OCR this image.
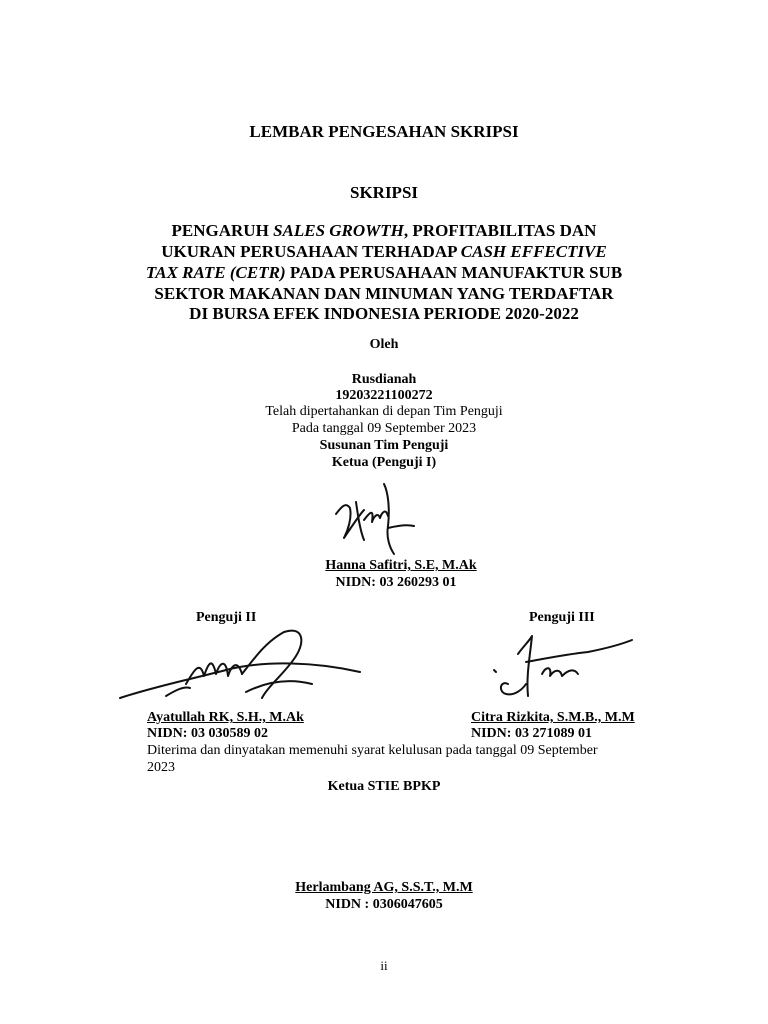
LEMBAR PENGESAHAN SKRIPSI
SKRIPSI
PENGARUH SALES GROWTH, PROFITABILITAS DAN
UKURAN PERUSAHAAN TERHADAP CASH EFFECTIVE
TAX RATE (CETR) PADA PERUSAHAAN MANUFAKTUR SUB
SEKTOR MAKANAN DAN MINUMAN YANG TERDAFTAR
DI BURSA EFEK INDONESIA PERIODE 2020-2022
Oleh
Rusdianah
19203221100272
Telah dipertahankan di depan Tim Penguji
Pada tanggal 09 September 2023
Susunan Tim Penguji
Ketua (Penguji I)
Hanna Safitri, S.E, M.Ak
NIDN: 03 260293 01
Penguji II	Penguji III
Ayatullah RK, S.H., M.Ak	Citra Rizkita, S.M.B., M.M
NIDN: 03 030589 02	NIDN: 03 271089 01
Diterima dan dinyatakan memenuhi syarat kelulusan pada tanggal 09 September
2023
Ketua STIE BPKP
Herlambang AG, S.S.T., M.M
NIDN : 0306047605
ii
